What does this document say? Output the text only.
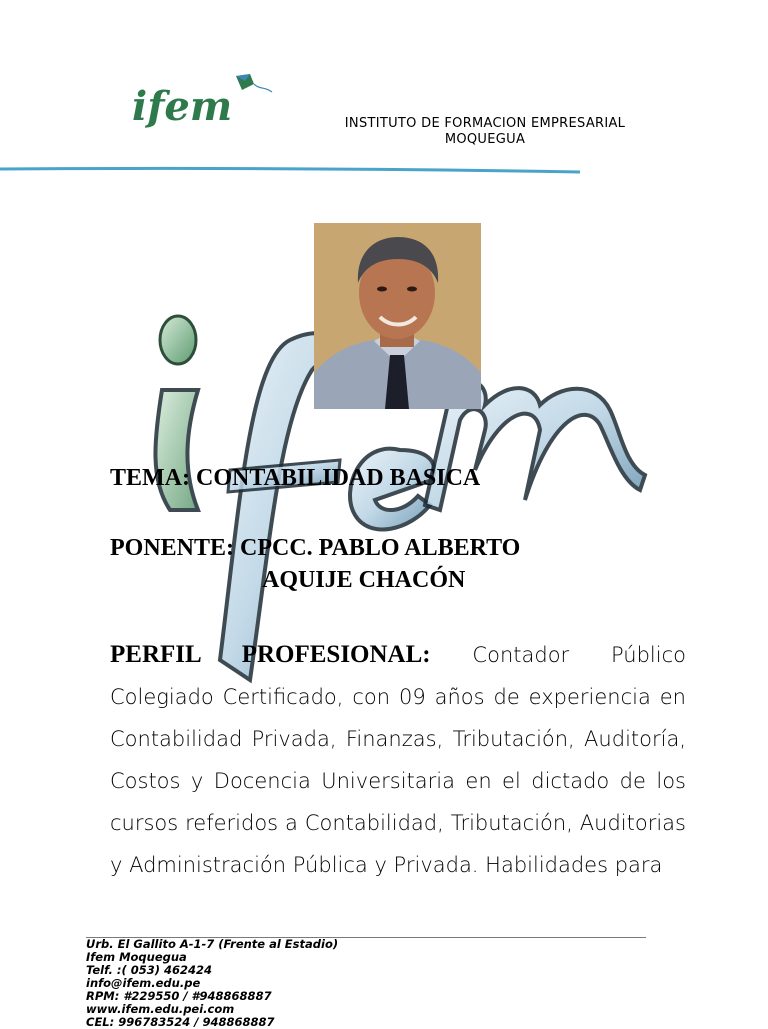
ifem	INSTITUTO DE FORMACION EMPRESARIAL
MOQUEGUA

TEMA: CONTABILIDAD BASICA

PONENTE: CPCC. PABLO ALBERTO
AQUIJE CHACÓN

PERFIL PROFESIONAL: Contador Público Colegiado Certificado, con 09 años de experiencia en Contabilidad Privada, Finanzas, Tributación, Auditoría, Costos y Docencia Universitaria en el dictado de los cursos referidos a Contabilidad, Tributación, Auditorias y Administración Pública y Privada. Habilidades para

Urb. El Gallito A-1-7 (Frente al Estadio)
Ifem Moquegua
Telf. :( 053) 462424
info@ifem.edu.pe
RPM: #229550 / #948868887
www.ifem.edu.pei.com
CEL: 996783524 / 948868887
